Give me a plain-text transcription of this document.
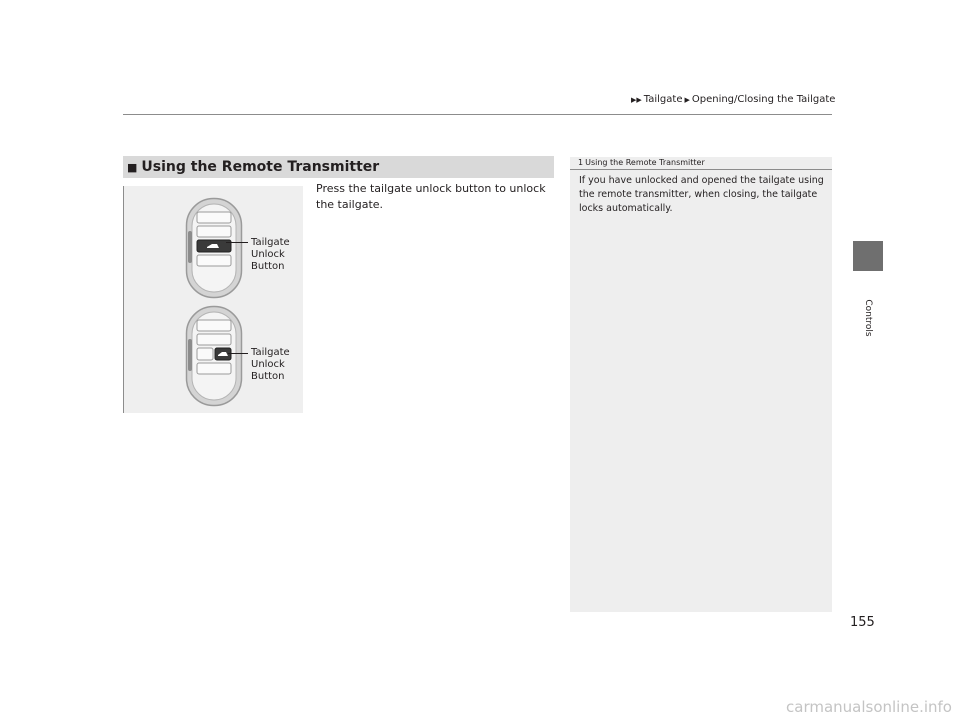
▶▶ Tailgate ▶ Opening/Closing the Tailgate
Controls
■ Using the Remote Transmitter

Press the tailgate unlock button to unlock the tailgate.

Tailgate
Unlock
Button
Tailgate
Unlock
Button
1 Using the Remote Transmitter

If you have unlocked and opened the tailgate using the remote transmitter, when closing, the tailgate locks automatically.

155
carmanualsonline.info
